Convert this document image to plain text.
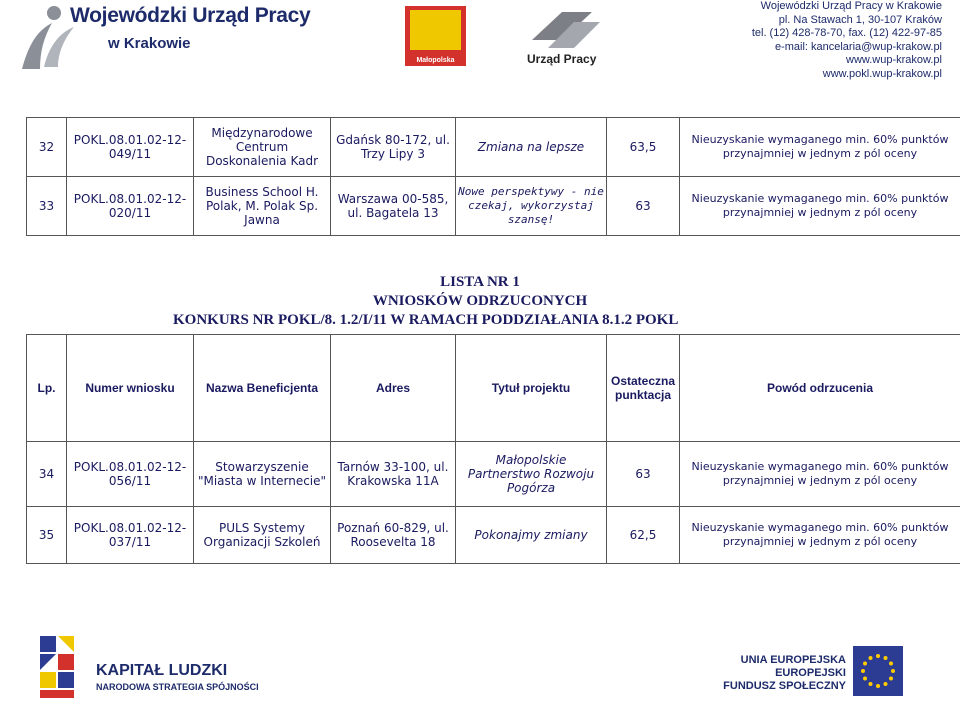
Wojewódzki Urząd Pracy
w Krakowie
Małopolska	Urząd Pracy
Wojewódzki Urząd Pracy w Krakowie
pl. Na Stawach 1, 30-107 Kraków
tel. (12) 428-78-70, fax. (12) 422-97-85
e-mail: kancelaria@wup-krakow.pl
www.wup-krakow.pl
www.pokl.wup-krakow.pl
32	POKL.08.01.02-12-049/11	Międzynarodowe Centrum Doskonalenia Kadr	Gdańsk 80-172, ul. Trzy Lipy 3	Zmiana na lepsze	63,5	Nieuzyskanie wymaganego min. 60% punktów przynajmniej w jednym z pól oceny
33	POKL.08.01.02-12-020/11	Business School H. Polak, M. Polak Sp. Jawna	Warszawa 00-585, ul. Bagatela 13	Nowe perspektywy - nie czekaj, wykorzystaj szansę!	63	Nieuzyskanie wymaganego min. 60% punktów przynajmniej w jednym z pól oceny
LISTA NR 1
WNIOSKÓW ODRZUCONYCH
KONKURS NR POKL/8. 1.2/I/11 W RAMACH PODDZIAŁANIA 8.1.2 POKL
Lp.	Numer wniosku	Nazwa Beneficjenta	Adres	Tytuł projektu	Ostateczna punktacja	Powód odrzucenia
34	POKL.08.01.02-12-056/11	Stowarzyszenie "Miasta w Internecie"	Tarnów 33-100, ul. Krakowska 11A	Małopolskie Partnerstwo Rozwoju Pogórza	63	Nieuzyskanie wymaganego min. 60% punktów przynajmniej w jednym z pól oceny
35	POKL.08.01.02-12-037/11	PULS Systemy Organizacji Szkoleń	Poznań 60-829, ul. Roosevelta 18	Pokonajmy zmiany	62,5	Nieuzyskanie wymaganego min. 60% punktów przynajmniej w jednym z pól oceny
KAPITAŁ LUDZKI
NARODOWA STRATEGIA SPÓJNOŚCI
UNIA EUROPEJSKA
EUROPEJSKI
FUNDUSZ SPOŁECZNY
